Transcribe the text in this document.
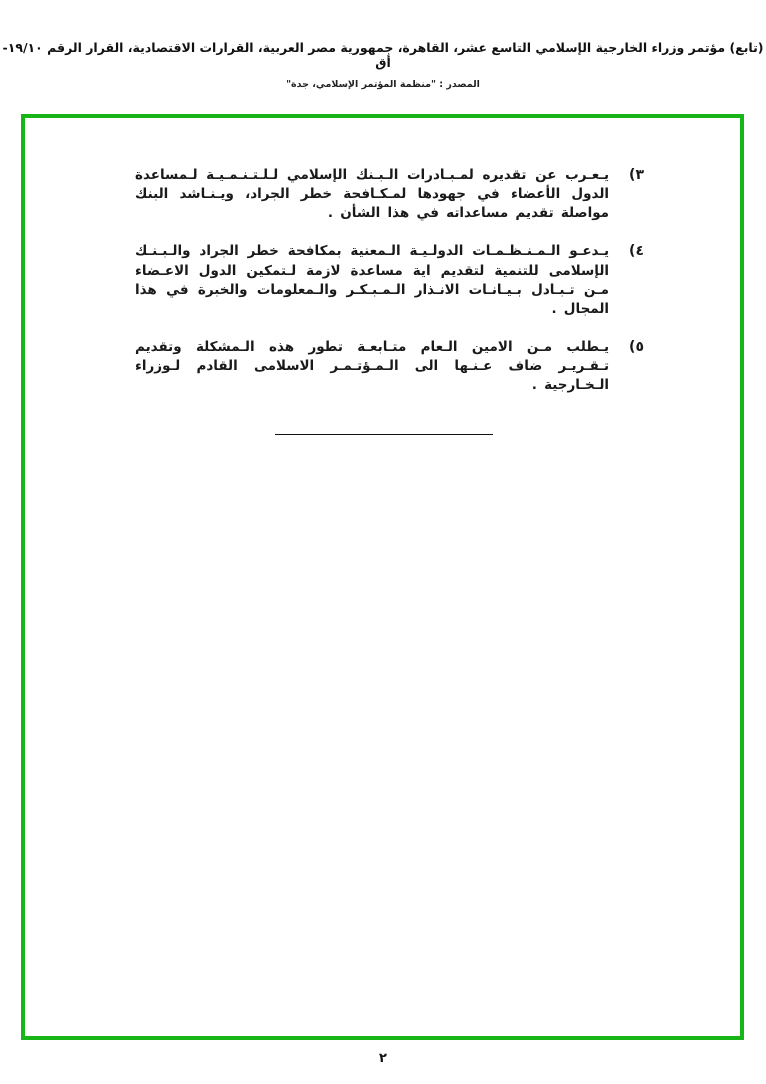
(تابع) مؤتمر وزراء الخارجية الإسلامي التاسع عشر، القاهرة، جمهورية مصر العربية، القرارات الاقتصادية، القرار الرقم ١٩/١٠-أق
المصدر : "منظمة المؤتمر الإسلامي، جدة"
٣)
يـعـرب عن تقديره لمـبـادرات الـبـنك الإسلامي لـلـتـنـمـيـة لـمساعدة الدول الأعضاء في جهودها لمـكـافحة خطر الجراد، ويـنـاشد البنك مواصلة تقديم مساعداته في هذا الشأن .
٤)
يـدعـو الـمـنـظـمـات الدولـيـة الـمعنية بمكافحة خطر الجراد والـبـنـك الإسلامى للتنمية لتقديم اية مساعدة لازمة لـتمكين الدول الاعـضاء مـن تـبـادل بـيـانـات الانـذار الـمـبـكـر والـمعلومات والخبرة في هذا المجال .
٥)
يـطلب مـن الامين الـعام متـابعـة تطور هذه الـمشكلة وتقديم تـقـريـر ضاف عـنـها الى الـمـؤتـمـر الاسلامى القادم لـوزراء الـخـارجية .
٢
